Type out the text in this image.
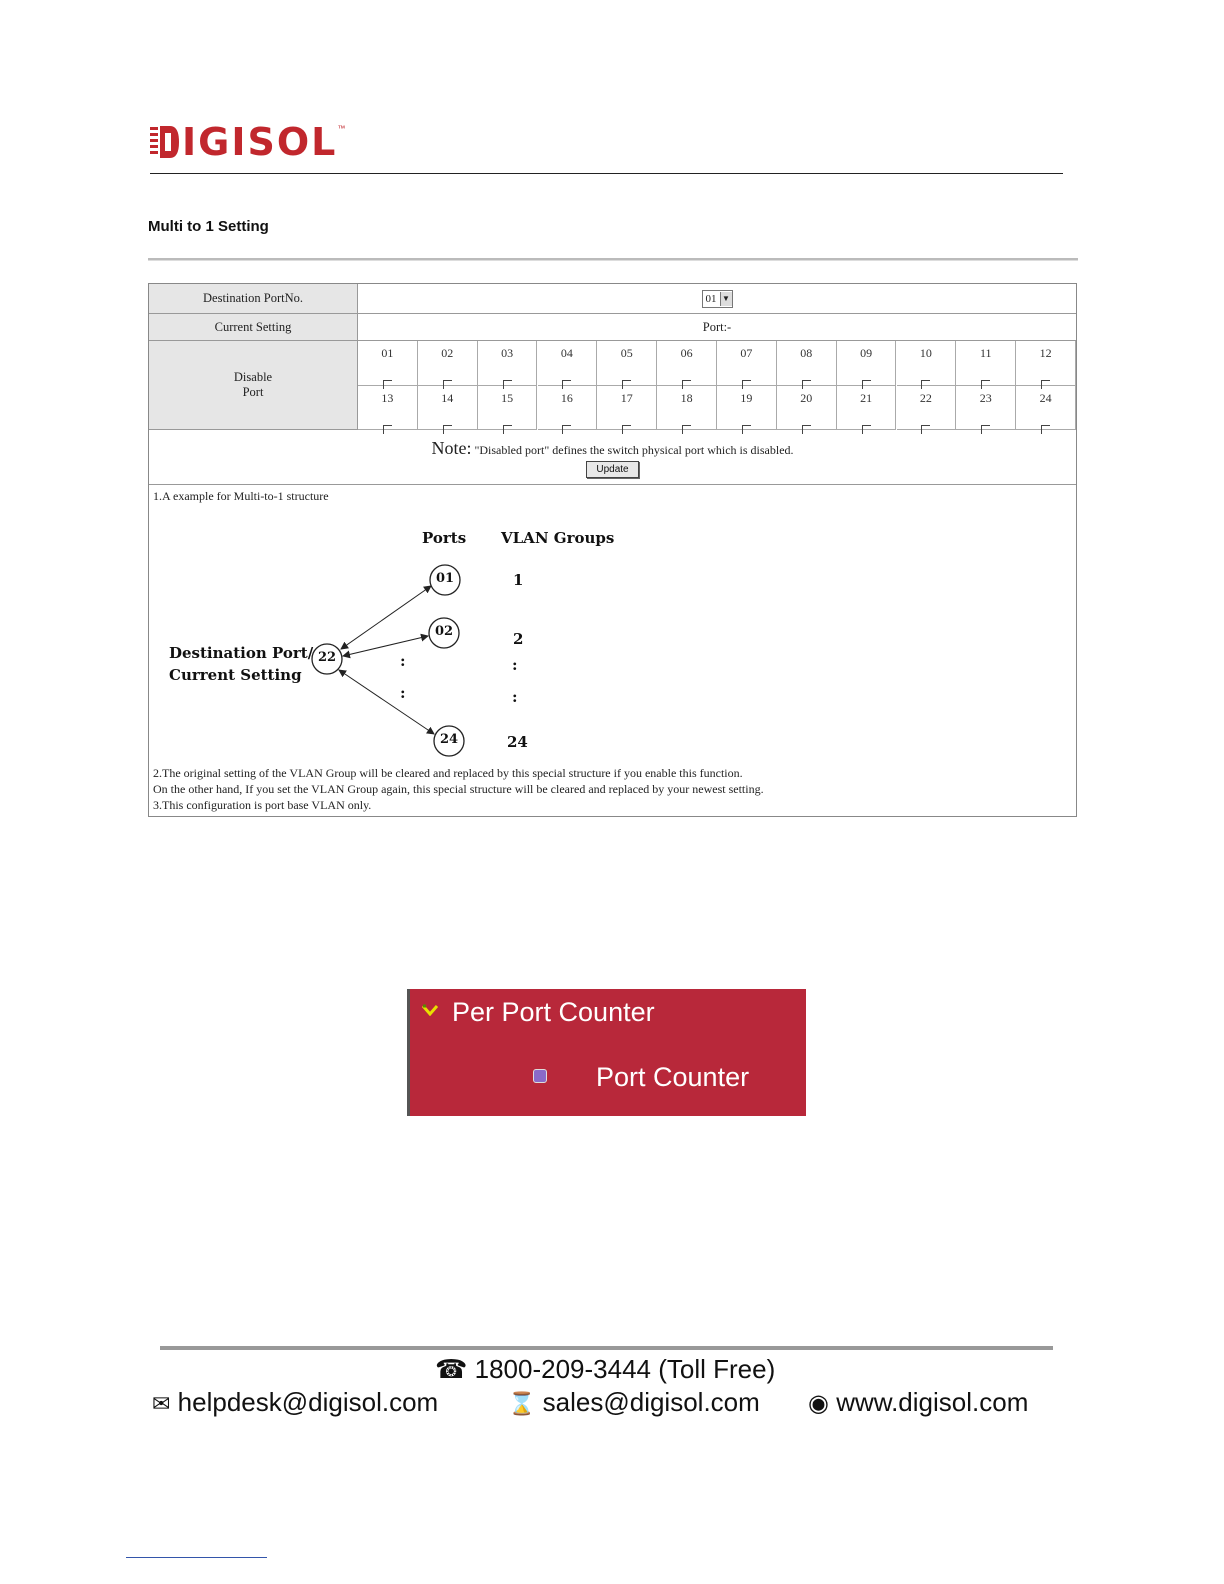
IGISOL ™
Multi to 1 Setting
Destination PortNo.	01 ▼
Current Setting	Port:-
Disable
Port
01	02	03	04	05	06	07	08	09	10	11	12

13	14	15	16	17	18	19	20	21	22	23	24

Note: "Disabled port" defines the switch physical port which is disabled.
Update
1.A example for Multi-to-1 structure
Ports VLAN Groups
Destination Port/
Current Setting
22
01
02
24
:
:
1
2
:
:
24
2.The original setting of the VLAN Group will be cleared and replaced by this special structure if you enable this function.
On the other hand, If you set the VLAN Group again, this special structure will be cleared and replaced by your newest setting.
3.This configuration is port base VLAN only.
Per Port Counter
Port Counter
☎ 1800-209-3444 (Toll Free)
✉ helpdesk@digisol.com	⌛ sales@digisol.com ◉ www.digisol.com
